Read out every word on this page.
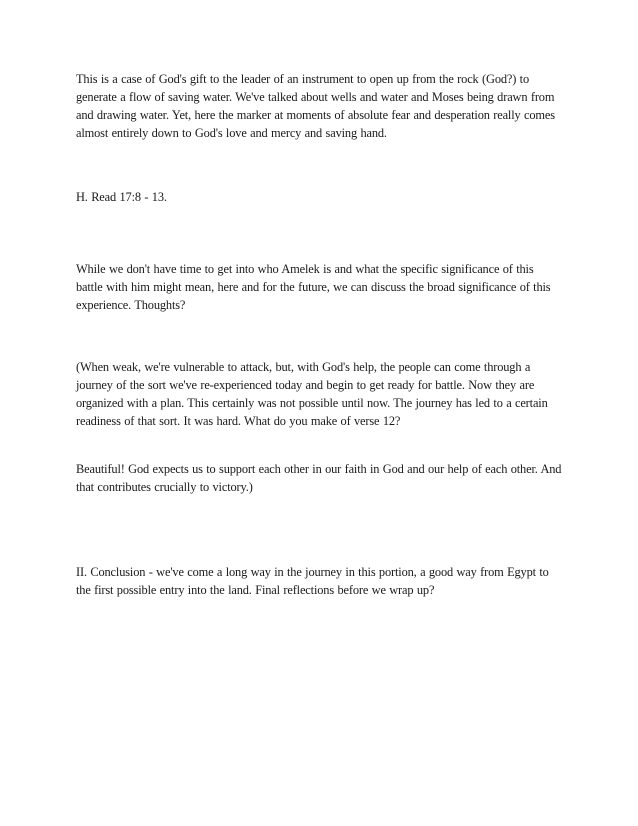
This is a case of God's gift to the leader of an instrument to open up from the rock (God?) to generate a flow of saving water. We've talked about wells and water and Moses being drawn from and drawing water. Yet, here the marker at moments of absolute fear and desperation really comes almost entirely down to God's love and mercy and saving hand.

H. Read 17:8 - 13.

While we don't have time to get into who Amelek is and what the specific significance of this battle with him might mean, here and for the future, we can discuss the broad significance of this experience. Thoughts?

(When weak, we're vulnerable to attack, but, with God's help, the people can come through a journey of the sort we've re-experienced today and begin to get ready for battle. Now they are organized with a plan. This certainly was not possible until now. The journey has led to a certain readiness of that sort. It was hard. What do you make of verse 12?

Beautiful! God expects us to support each other in our faith in God and our help of each other. And that contributes crucially to victory.)

II. Conclusion - we've come a long way in the journey in this portion, a good way from Egypt to the first possible entry into the land. Final reflections before we wrap up?
